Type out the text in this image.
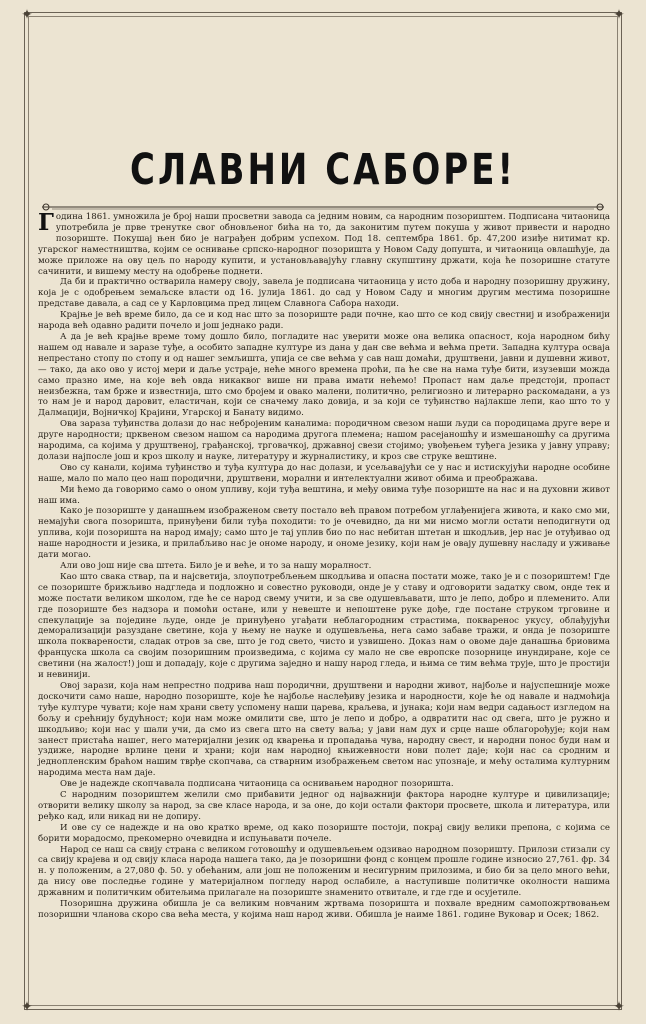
✦	✦
✦	✦
СЛАВНИ САБОРЕ!

Година 1861. умножила је број наши просветни завода са једним новим, са народним позориштем. Подписана читаоница употребила је прве тренутке свог обновљеног бића на то, да законитим путем покуша у живот привести и народно позориште. Покушај њен био је награђен добрим успехом. Под 18. септембра 1861. бр. 47,200 изиђе нитимат кр. угарског наместништва, којим се оснивање српско-народног позоришта у Новом Саду допушта, и читаоница овлашћује, да може приложе на ову цељ по народу купити, и установљавајућу главну скупштину држати, која ће позоришне статуте сачинити, и вишему месту на одобрење поднети.

Да би и практично остварила намеру своју, завела је подписана читаоница у исто доба и народну позоришну дружину, која је с одобрењем земаљске власти од 16. јулија 1861. до сад у Новом Саду и многим другим местима позоришне представе давала, а сад се у Карловцима пред лицем Славнога Сабора находи.

Крајње је већ време било, да се и код нас што за позориште ради почне, као што се код свију свестниј и изображенији народа већ одавно радити почело и још једнако ради.

А да је већ крајње време тому дошло било, погладите нас уверити може она велика опасност, која народном бићу нашем од навале и заразе туђе, а особито западне културе из дана у дан све већма и већма прети. Западна култура осваја непрестано стопу по стопу и од нашег земљишта, упија се све већма у сав наш домаћи, друштвени, јавни и душевни живот, — тако, да ако ово у истој мери и даље устраје, неће много времена проћи, па ће све на нама туђе бити, изузевши можда само празно име, на које већ овда никаквог више ни права имати нећемо! Пропаст нам даље предстоји, пропаст неизбежна, там брже и известнија, што смо бројем и овако малени, политично, религиозно и литерарно раскомадани, а уз то нам је и народ даровит, еластичан, који се сначему лако довија, и за који се туђинство најлакше лепи, као што то у Далмацији, Војничкој Крајини, Угарској и Банату видимо.

Ова зараза туђинства долази до нас небројеним каналима: породичном свезом наши људи са породицама друге вере и друге народности; црквеном свезом нашом са народима другога племена; нашом расејаношћу и измешаношћу са другима народима, са којима у друштвеној, грађанској, трговачкој, државној свези стојимо; увођењем туђега језика у јавну управу; долази најпосле још и кроз школу и науке, литературу и журналистику, и кроз све струке вештине.

Ово су канали, којима туђинство и туђа култура до нас долази, и усељавајући се у нас и истискујући народне особине наше, мало по мало цео наш породични, друштвени, морални и интелектуални живот обима и преображава.

Ми ћемо да говоримо само о оном упливу, који туђа вештина, и међу овима туђе позориште на нас и на духовни живот наш има.

Како је позориште у данашњем изображеном свету постало већ правом потребом углађенијега живота, и како смо ми, немајући свога позоришта, принуђени били туђа походити: то је очевидно, да ни ми нисмо могли остати неподигнути од уплива, који позоришта на народ имају; само што је тај уплив био по нас небитан штетан и шкодљив, јер нас је отуђивао од наше народности и језика, и прилабљиво нас је ономе народу, и ономе језику, који нам је овају душевну насладу и уживање дати могао.

Али ово још није сва штета. Било је и веће, и то за нашу моралност.

Као што свака ствар, па и најсветија, злоупотребљењем шкодљива и опасна постати може, тако је и с позориштем! Где се позориште брижљиво надгледа и подложно и совестно руководи, онде је у ставу и одговорити задатку свом, онде тек и може постати великом школом, где ће се народ свему учити, и за све одушевљавати, што је лепо, добро и племенито. Али где позориште без надзора и помоћи остане, или у невеште и непоштене руке дође, где постане струком трговине и спекулације за поједине људе, онде је принуђено угађати неблагородним страстима, покваренос укусу, облађујући деморализацији разуздане светине, која у њему не науке и одушевљења, нега само забаве тражи, и онда је позориште школа покварености, сладак отров за све, што је год свето, чисто и узвишено. Доказ нам о овоме даје данашња бриовима француска школа са својим позоришним произведима, с којима су мало не све европске позорнице инундиране, које се светини (на жалост!) још и допадају, које с другима заједно и нашу народ гледа, и њима се тим већма трује, што је простији и невинији.

Овој зарази, која нам непрестно подрива наш породични, друштвени и народни живот, најбоље и најуспешније може доскочити само наше, народно позориште, које ће најбоље наслеђиву језика и народности, које ће од навале и надмоћија туђе културе чувати; које нам храни свету успомену наши царева, краљева, и јунака; који нам ведри садањост изгледом на бољу и срећнију будућност; који нам може омилити све, што је лепо и добро, а одвратити нас од свега, што је ружно и шкодљиво; који нас у шали учи, да смо из свега што на свету ваља; у јави нам дух и срце наше облагорођује; који нам занест пристаћа нашег, него материјални језик од кварења и пропадања чува, народну свест, и народни понос буди нам и уздиже, народне врлине цени и храни; који нам народној књижевности нови полет даје; који нас са сродним и једнопленским браћом нашим тврђе скопчава, са стварним изображењем светом нас упознаје, и мећу осталима културним народима места нам даје.

Ове је надежде скопчавала подписана читаоница са оснивањем народног позоришта.

С народним позориштем желили смо прибавити једног од најважнији фактора народне културе и цивилизације; отворити велику школу за народ, за све класе народа, и за оне, до који остали фактори просвете, школа и литература, или ређко кад, или никад ни не допиру.

И ове су се надежде и на ово кратко време, од како позориште постоји, покрај свију велики препона, с којима се борити морадосмо, прекомерно очевидна и испуњавати почеле.

Народ се наш са свију страна с великом готовошћу и одушевљењем одзивао народном позоришту. Прилози стизали су са свију крајева и од свију класа народа нашега тако, да је позоришни фонд с концем прошле године износио 27,761. фр. 34 н. у положеним, а 27,080 ф. 50. у обећаним, али још не положеним и несигурним прилозима, и био би за цело много већи, да нису ове последње године у материјалном погледу народ ослабиле, а наступивше политичке околности нашима државним и политичким обитељима прилагале на позориште знаменито отвитале, и где где и осујетиле.

Позоришна дружина обишла је са великим новчаним жртвама позоришта и похвале вредним самопожртвовањем позоришни чланова скоро сва већа места, у којима наш народ живи. Обишла је наиме 1861. године Вуковар и Осек; 1862.
